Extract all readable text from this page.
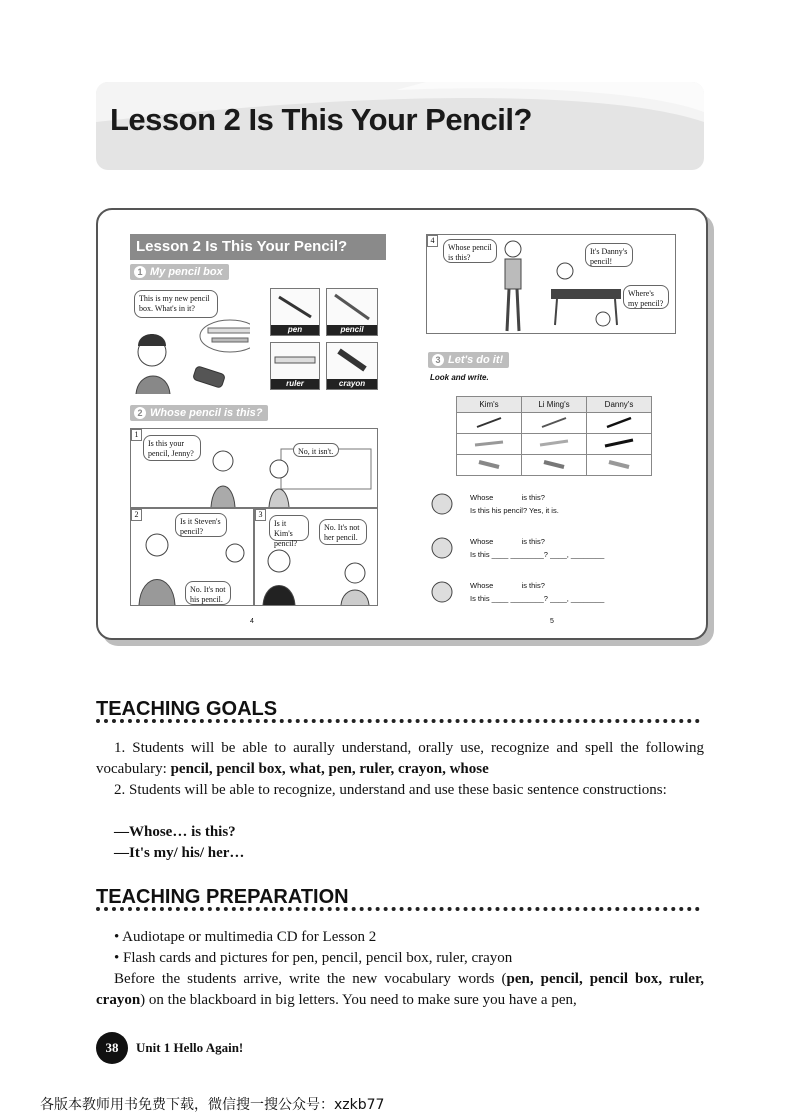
Lesson 2 Is This Your Pencil?
Lesson 2 Is This Your Pencil?
1 My pencil box
This is my new pencil box. What's in it?
pen	pencil
ruler	crayon
2 Whose pencil is this?
1
Is this your pencil, Jenny?	No, it isn't.
2
Is it Steven's pencil?
No. It's not his pencil.
3
Is it Kim's pencil?
No. It's not her pencil.
4
4
Whose pencil is this?
It's Danny's pencil!
Where's my pencil?
3 Let's do it!
Look and write.
Kim's	Li Ming's	Danny's

Whose	is this?
Is this his pencil? Yes, it is.
Whose	is this?
Is this ____ ________? ____, ________
Whose	is this?
Is this ____ ________? ____, ________
5
TEACHING GOALS
1. Students will be able to aurally understand, orally use, recognize and spell the following vocabulary: pencil, pencil box, what, pen, ruler, crayon, whose
2. Students will be able to recognize, understand and use these basic sentence constructions:
—Whose… is this?
—It's my/ his/ her…
TEACHING PREPARATION
• Audiotape or multimedia CD for Lesson 2
• Flash cards and pictures for pen, pencil, pencil box, ruler, crayon
Before the students arrive, write the new vocabulary words (pen, pencil, pencil box, ruler, crayon) on the blackboard in big letters. You need to make sure you have a pen,
38	Unit 1 Hello Again!
各版本教师用书免费下载，微信搜一搜公众号：xzkb77
